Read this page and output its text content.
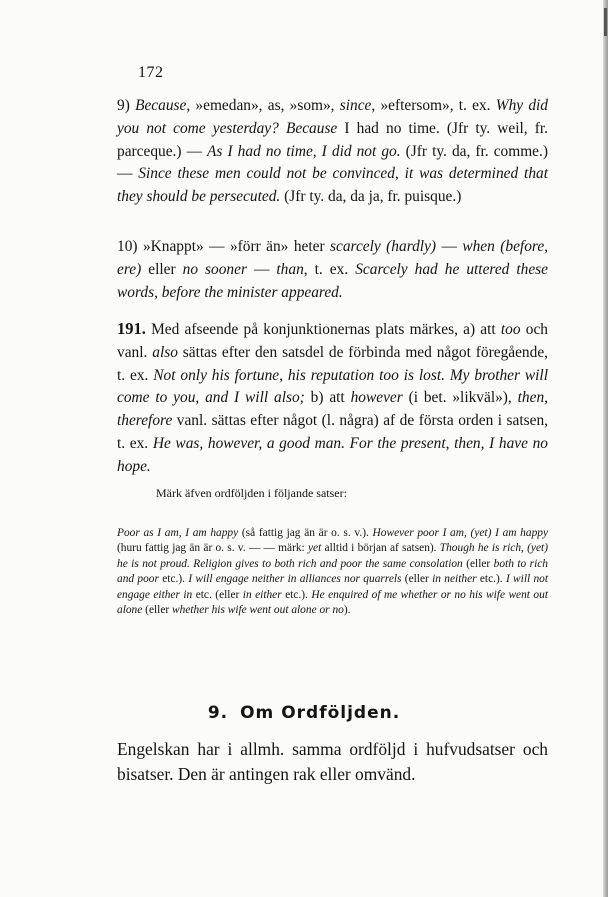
172
9) Because, »emedan», as, »som», since, »eftersom», t. ex. Why did you not come yesterday? Because I had no time. (Jfr ty. weil, fr. parceque.) — As I had no time, I did not go. (Jfr ty. da, fr. comme.) — Since these men could not be convinced, it was determined that they should be persecuted. (Jfr ty. da, da ja, fr. puisque.)
10) »Knappt» — »förr än» heter scarcely (hardly) — when (before, ere) eller no sooner — than, t. ex. Scarcely had he uttered these words, before the minister appeared.
191. Med afseende på konjunktionernas plats märkes, a) att too och vanl. also sättas efter den satsdel de förbinda med något föregående, t. ex. Not only his fortune, his reputation too is lost. My brother will come to you, and I will also; b) att however (i bet. »likväl»), then, therefore vanl. sättas efter något (l. några) af de första orden i satsen, t. ex. He was, however, a good man. For the present, then, I have no hope.
Märk äfven ordföljden i följande satser:
Poor as I am, I am happy (så fattig jag än är o. s. v.). However poor I am, (yet) I am happy (huru fattig jag än är o. s. v. — — märk: yet alltid i början af satsen). Though he is rich, (yet) he is not proud. Religion gives to both rich and poor the same consolation (eller both to rich and poor etc.). I will engage neither in alliances nor quarrels (eller in neither etc.). I will not engage either in etc. (eller in either etc.). He enquired of me whether or no his wife went out alone (eller whether his wife went out alone or no).
9. Om Ordföljden.
Engelskan har i allmh. samma ordföljd i hufvudsatser och bisatser. Den är antingen rak eller omvänd.
